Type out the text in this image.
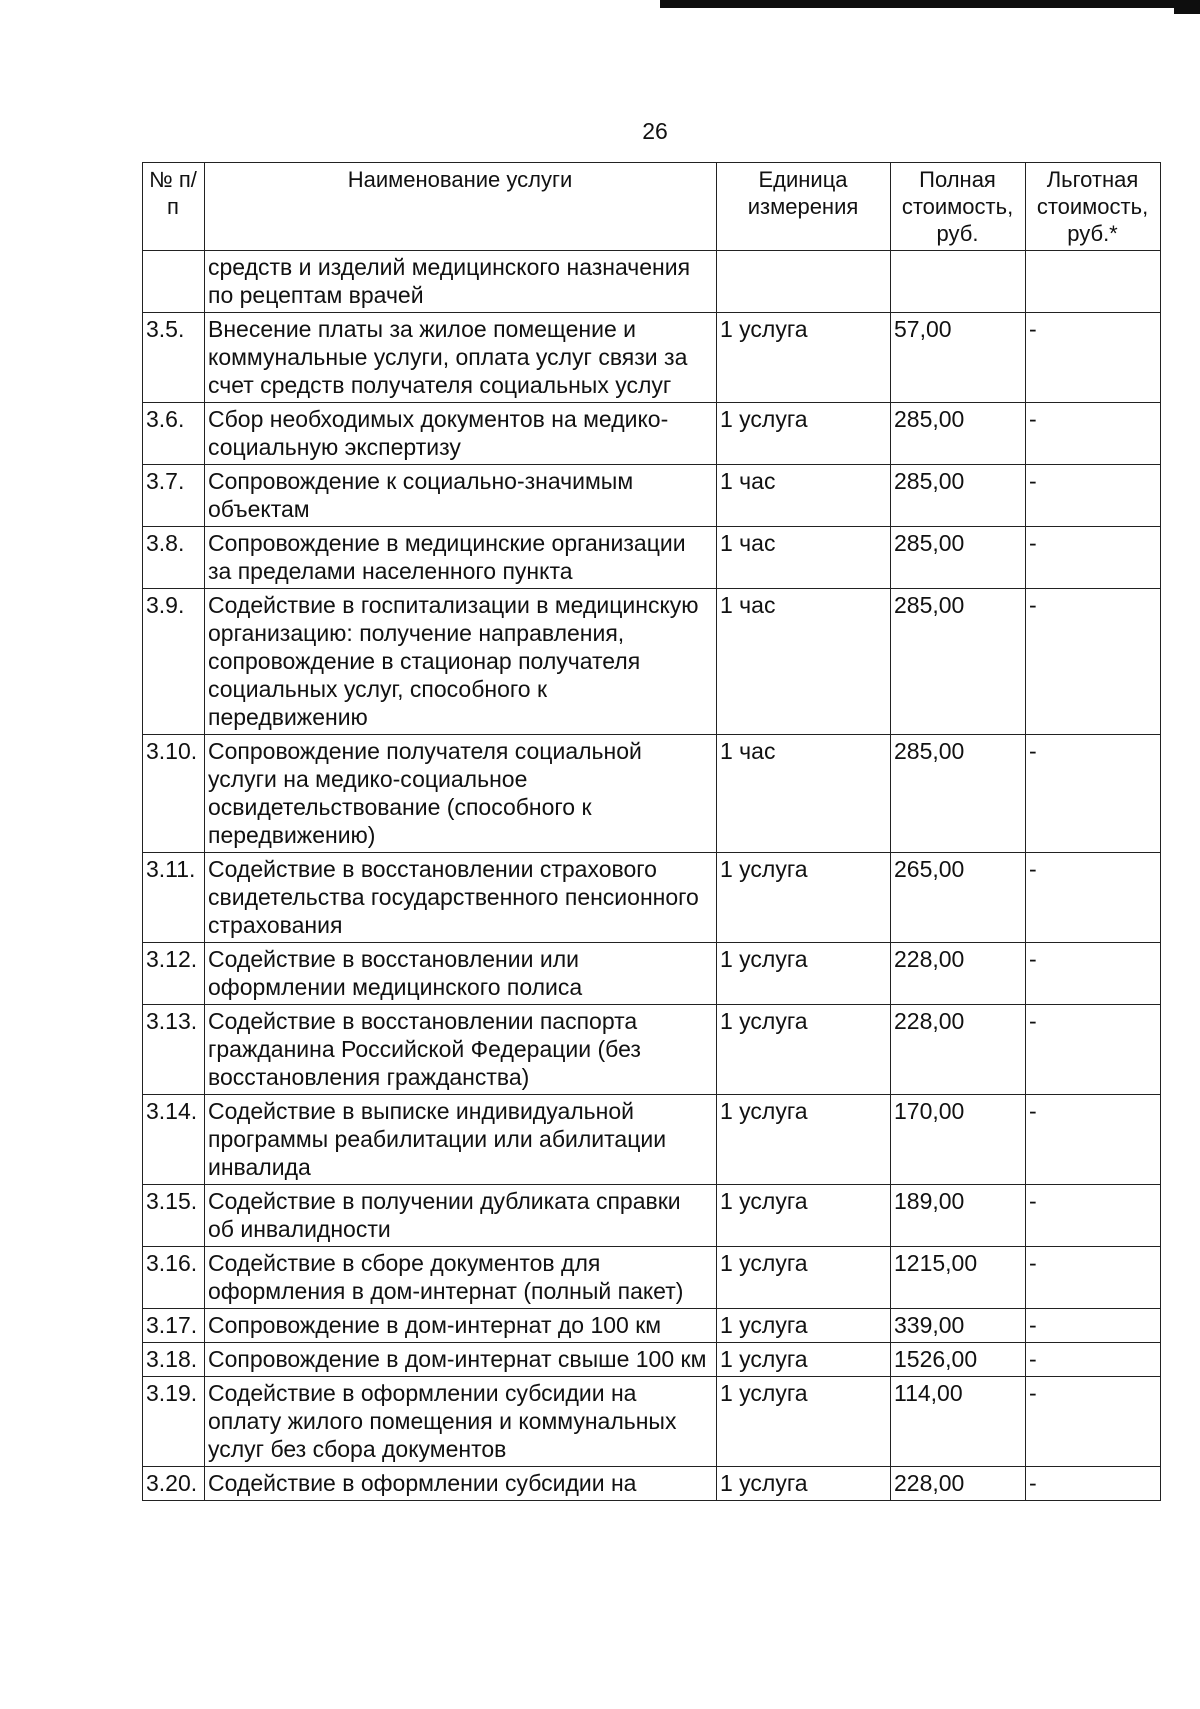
26
№ п/п	Наименование услуги	Единица измерения	Полная стоимость, руб.	Льготная стоимость, руб.*
	средств и изделий медицинского назначения по рецептам врачей			
3.5.	Внесение платы за жилое помещение и коммунальные услуги, оплата услуг связи за счет средств получателя социальных услуг	1 услуга	57,00	-
3.6.	Сбор необходимых документов на медико-социальную экспертизу	1 услуга	285,00	-
3.7.	Сопровождение к социально-значимым объектам	1 час	285,00	-
3.8.	Сопровождение в медицинские организации за пределами населенного пункта	1 час	285,00	-
3.9.	Содействие в госпитализации в медицинскую организацию: получение направления, сопровождение в стационар получателя социальных услуг, способного к передвижению	1 час	285,00	-
3.10.	Сопровождение получателя социальной услуги на медико-социальное освидетельствование (способного к передвижению)	1 час	285,00	-
3.11.	Содействие в восстановлении страхового свидетельства государственного пенсионного страхования	1 услуга	265,00	-
3.12.	Содействие в восстановлении или оформлении медицинского полиса	1 услуга	228,00	-
3.13.	Содействие в восстановлении паспорта гражданина Российской Федерации (без восстановления гражданства)	1 услуга	228,00	-
3.14.	Содействие в выписке индивидуальной программы реабилитации или абилитации инвалида	1 услуга	170,00	-
3.15.	Содействие в получении дубликата справки об инвалидности	1 услуга	189,00	-
3.16.	Содействие в сборе документов для оформления в дом-интернат (полный пакет)	1 услуга	1215,00	-
3.17.	Сопровождение в дом-интернат до 100 км	1 услуга	339,00	-
3.18.	Сопровождение в дом-интернат свыше 100 км	1 услуга	1526,00	-
3.19.	Содействие в оформлении субсидии на оплату жилого помещения и коммунальных услуг без сбора документов	1 услуга	114,00	-
3.20.	Содействие в оформлении субсидии на	1 услуга	228,00	-
